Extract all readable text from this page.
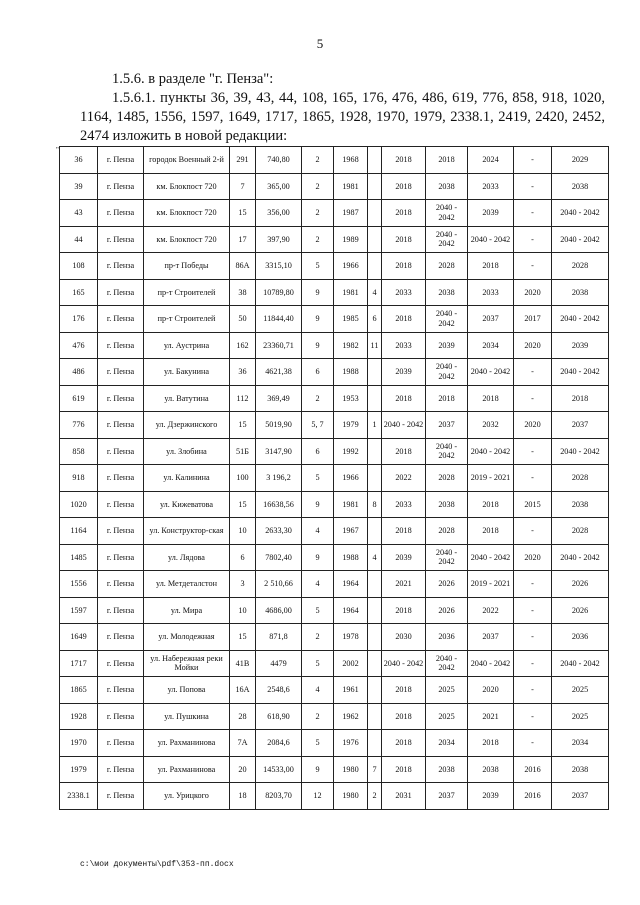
5
1.5.6. в разделе "г. Пенза":
1.5.6.1. пункты 36, 39, 43, 44, 108, 165, 176, 476, 486, 619, 776, 858, 918, 1020, 1164, 1485, 1556, 1597, 1649, 1717, 1865, 1928, 1970, 1979, 2338.1, 2419, 2420, 2452, 2474 изложить в новой редакции:
"
36	г. Пенза	городок Военный 2-й	291	740,80	2	1968		2018	2018	2024	-	2029
39	г. Пенза	км. Блокпост 720	7	365,00	2	1981		2018	2038	2033	-	2038
43	г. Пенза	км. Блокпост 720	15	356,00	2	1987		2018	2040 - 2042	2039	-	2040 - 2042
44	г. Пенза	км. Блокпост 720	17	397,90	2	1989		2018	2040 - 2042	2040 - 2042	-	2040 - 2042
108	г. Пенза	пр-т Победы	86А	3315,10	5	1966		2018	2028	2018	-	2028
165	г. Пенза	пр-т Строителей	38	10789,80	9	1981	4	2033	2038	2033	2020	2038
176	г. Пенза	пр-т Строителей	50	11844,40	9	1985	6	2018	2040 - 2042	2037	2017	2040 - 2042
476	г. Пенза	ул. Аустрина	162	23360,71	9	1982	11	2033	2039	2034	2020	2039
486	г. Пенза	ул. Бакунина	36	4621,38	6	1988		2039	2040 - 2042	2040 - 2042	-	2040 - 2042
619	г. Пенза	ул. Ватутина	112	369,49	2	1953		2018	2018	2018	-	2018
776	г. Пенза	ул. Дзержинского	15	5019,90	5, 7	1979	1	2040 - 2042	2037	2032	2020	2037
858	г. Пенза	ул. Злобина	51Б	3147,90	6	1992		2018	2040 - 2042	2040 - 2042	-	2040 - 2042
918	г. Пенза	ул. Калинина	100	3 196,2	5	1966		2022	2028	2019 - 2021	-	2028
1020	г. Пенза	ул. Кижеватова	15	16638,56	9	1981	8	2033	2038	2018	2015	2038
1164	г. Пенза	ул. Конструктор-ская	10	2633,30	4	1967		2018	2028	2018	-	2028
1485	г. Пенза	ул. Лядова	6	7802,40	9	1988	4	2039	2040 - 2042	2040 - 2042	2020	2040 - 2042
1556	г. Пенза	ул. Метдеталстон	3	2 510,66	4	1964		2021	2026	2019 - 2021	-	2026
1597	г. Пенза	ул. Мира	10	4686,00	5	1964		2018	2026	2022	-	2026
1649	г. Пенза	ул. Молодежная	15	871,8	2	1978		2030	2036	2037	-	2036
1717	г. Пенза	ул. Набережная реки Мойки	41В	4479	5	2002		2040 - 2042	2040 - 2042	2040 - 2042	-	2040 - 2042
1865	г. Пенза	ул. Попова	16А	2548,6	4	1961		2018	2025	2020	-	2025
1928	г. Пенза	ул. Пушкина	28	618,90	2	1962		2018	2025	2021	-	2025
1970	г. Пенза	ул. Рахманинова	7А	2084,6	5	1976		2018	2034	2018	-	2034
1979	г. Пенза	ул. Рахманинова	20	14533,00	9	1980	7	2018	2038	2038	2016	2038
2338.1	г. Пенза	ул. Урицкого	18	8203,70	12	1980	2	2031	2037	2039	2016	2037
c:\мои документы\pdf\353-пп.docx
